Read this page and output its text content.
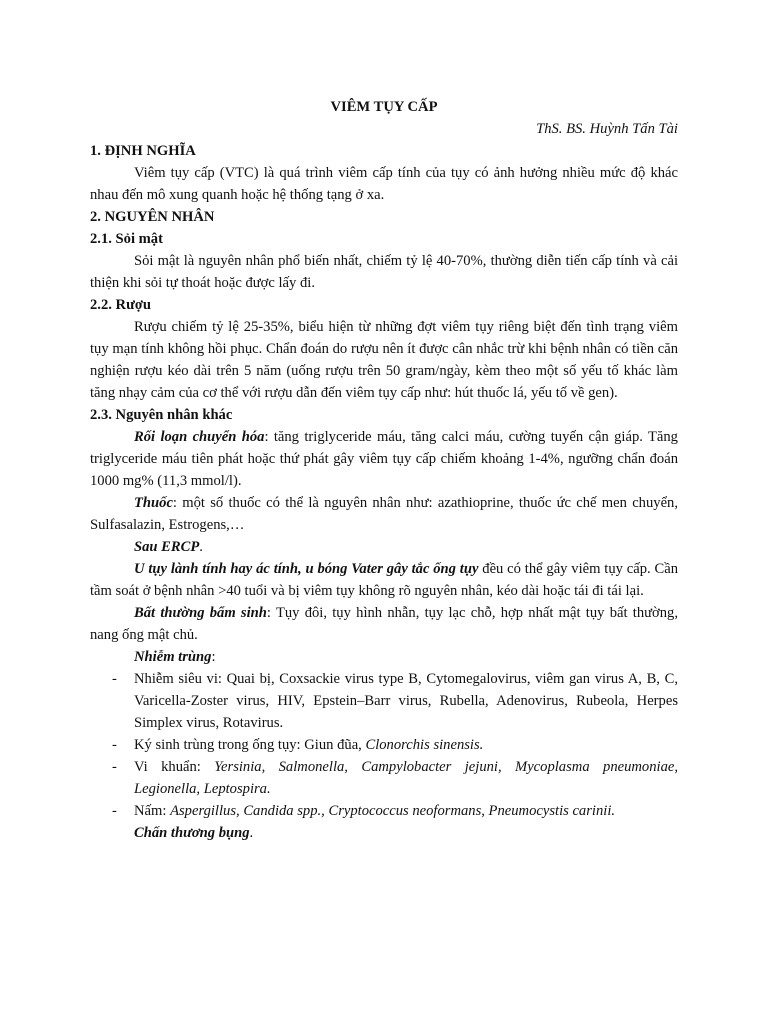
VIÊM TỤY CẤP

ThS. BS. Huỳnh Tấn Tài

1. ĐỊNH NGHĨA

Viêm tụy cấp (VTC) là quá trình viêm cấp tính của tụy có ảnh hưởng nhiều mức độ khác nhau đến mô xung quanh hoặc hệ thống tạng ở xa.

2. NGUYÊN NHÂN

2.1. Sỏi mật

Sỏi mật là nguyên nhân phổ biến nhất, chiếm tỷ lệ 40-70%, thường diễn tiến cấp tính và cải thiện khi sỏi tự thoát hoặc được lấy đi.

2.2. Rượu

Rượu chiếm tỷ lệ 25-35%, biểu hiện từ những đợt viêm tụy riêng biệt đến tình trạng viêm tụy mạn tính không hồi phục. Chẩn đoán do rượu nên ít được cân nhắc trừ khi bệnh nhân có tiền căn nghiện rượu kéo dài trên 5 năm (uống rượu trên 50 gram/ngày, kèm theo một số yếu tố khác làm tăng nhạy cảm của cơ thể với rượu dẫn đến viêm tụy cấp như: hút thuốc lá, yếu tố về gen).

2.3. Nguyên nhân khác

Rối loạn chuyển hóa: tăng triglyceride máu, tăng calci máu, cường tuyến cận giáp. Tăng triglyceride máu tiên phát hoặc thứ phát gây viêm tụy cấp chiếm khoảng 1-4%, ngưỡng chẩn đoán 1000 mg% (11,3 mmol/l).

Thuốc: một số thuốc có thể là nguyên nhân như: azathioprine, thuốc ức chế men chuyển, Sulfasalazin, Estrogens,…

Sau ERCP.

U tụy lành tính hay ác tính, u bóng Vater gây tắc ống tụy đều có thể gây viêm tụy cấp. Cần tầm soát ở bệnh nhân >40 tuổi và bị viêm tụy không rõ nguyên nhân, kéo dài hoặc tái đi tái lại.

Bất thường bẩm sinh: Tụy đôi, tụy hình nhẫn, tụy lạc chỗ, hợp nhất mật tụy bất thường, nang ống mật chủ.

Nhiễm trùng:

- Nhiễm siêu vi: Quai bị, Coxsackie virus type B, Cytomegalovirus, viêm gan virus A, B, C, Varicella-Zoster virus, HIV, Epstein–Barr virus, Rubella, Adenovirus, Rubeola, Herpes Simplex virus, Rotavirus.
- Ký sinh trùng trong ống tụy: Giun đũa, Clonorchis sinensis.
- Vi khuẩn: Yersinia, Salmonella, Campylobacter jejuni, Mycoplasma pneumoniae, Legionella, Leptospira.
- Nấm: Aspergillus, Candida spp., Cryptococcus neoformans, Pneumocystis carinii.

Chấn thương bụng.
